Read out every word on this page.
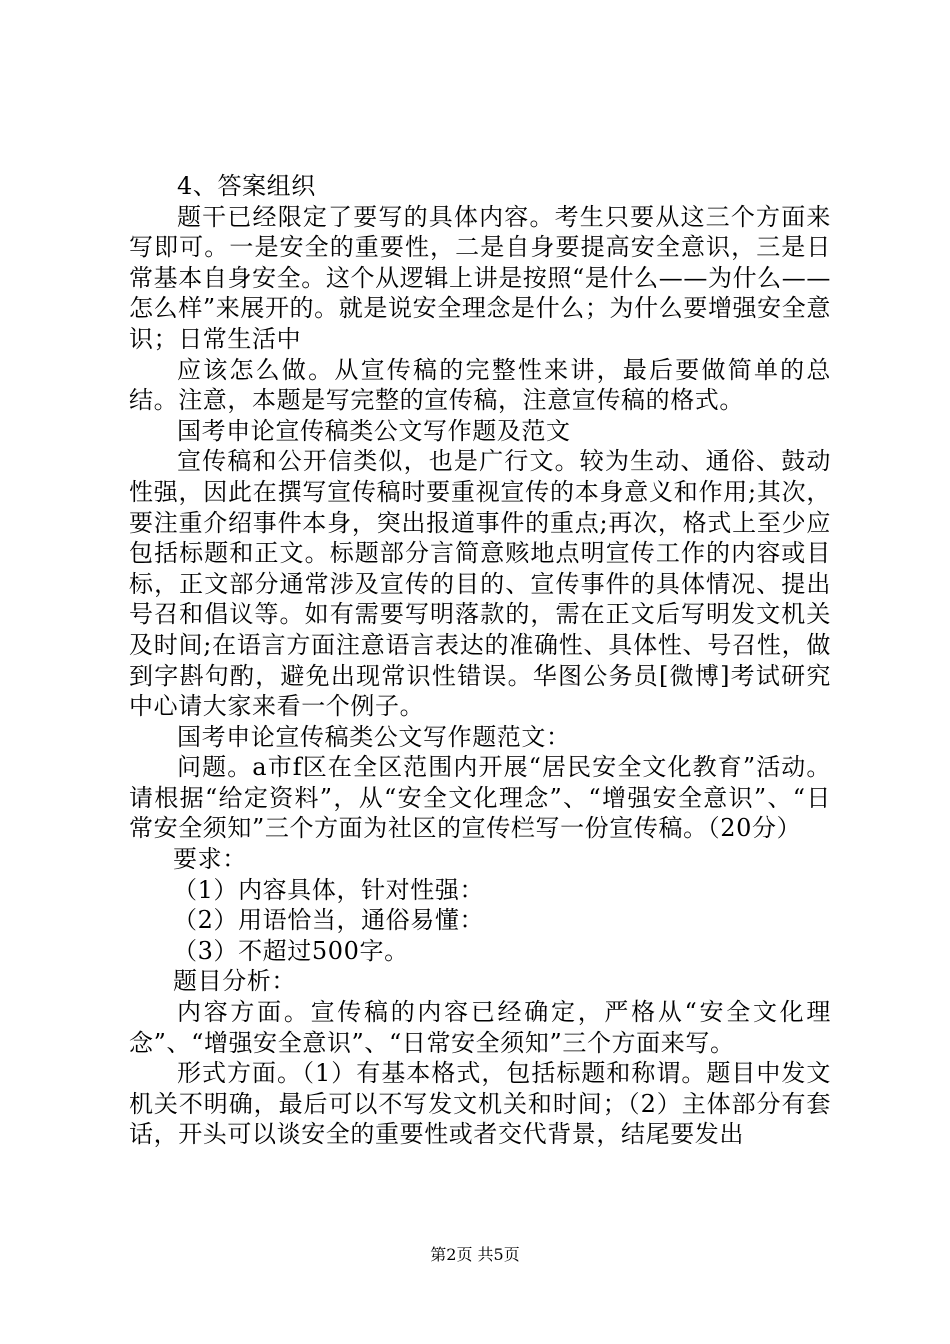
4、答案组织

题干已经限定了要写的具体内容。考生只要从这三个方面来写即可。一是安全的重要性，二是自身要提高安全意识，三是日常基本自身安全。这个从逻辑上讲是按照“是什么——为什么——怎么样”来展开的。就是说安全理念是什么；为什么要增强安全意识；日常生活中

应该怎么做。从宣传稿的完整性来讲，最后要做简单的总结。注意，本题是写完整的宣传稿，注意宣传稿的格式。

国考申论宣传稿类公文写作题及范文

宣传稿和公开信类似，也是广行文。较为生动、通俗、鼓动性强，因此在撰写宣传稿时要重视宣传的本身意义和作用;其次，要注重介绍事件本身，突出报道事件的重点;再次，格式上至少应包括标题和正文。标题部分言简意赅地点明宣传工作的内容或目标，正文部分通常涉及宣传的目的、宣传事件的具体情况、提出号召和倡议等。如有需要写明落款的，需在正文后写明发文机关及时间;在语言方面注意语言表达的准确性、具体性、号召性，做到字斟句酌，避免出现常识性错误。华图公务员[微博]考试研究中心请大家来看一个例子。

国考申论宣传稿类公文写作题范文：

问题。a市f区在全区范围内开展“居民安全文化教育”活动。请根据“给定资料”，从“安全文化理念”、“增强安全意识”、“日常安全须知”三个方面为社区的宣传栏写一份宣传稿。（20分）

要求：

（1）内容具体，针对性强：

（2）用语恰当，通俗易懂：

（3）不超过500字。

题目分析：

内容方面。宣传稿的内容已经确定，严格从“安全文化理念”、“增强安全意识”、“日常安全须知”三个方面来写。

形式方面。（1）有基本格式，包括标题和称谓。题目中发文机关不明确，最后可以不写发文机关和时间；（2）主体部分有套话，开头可以谈安全的重要性或者交代背景，结尾要发出

第2页 共5页
